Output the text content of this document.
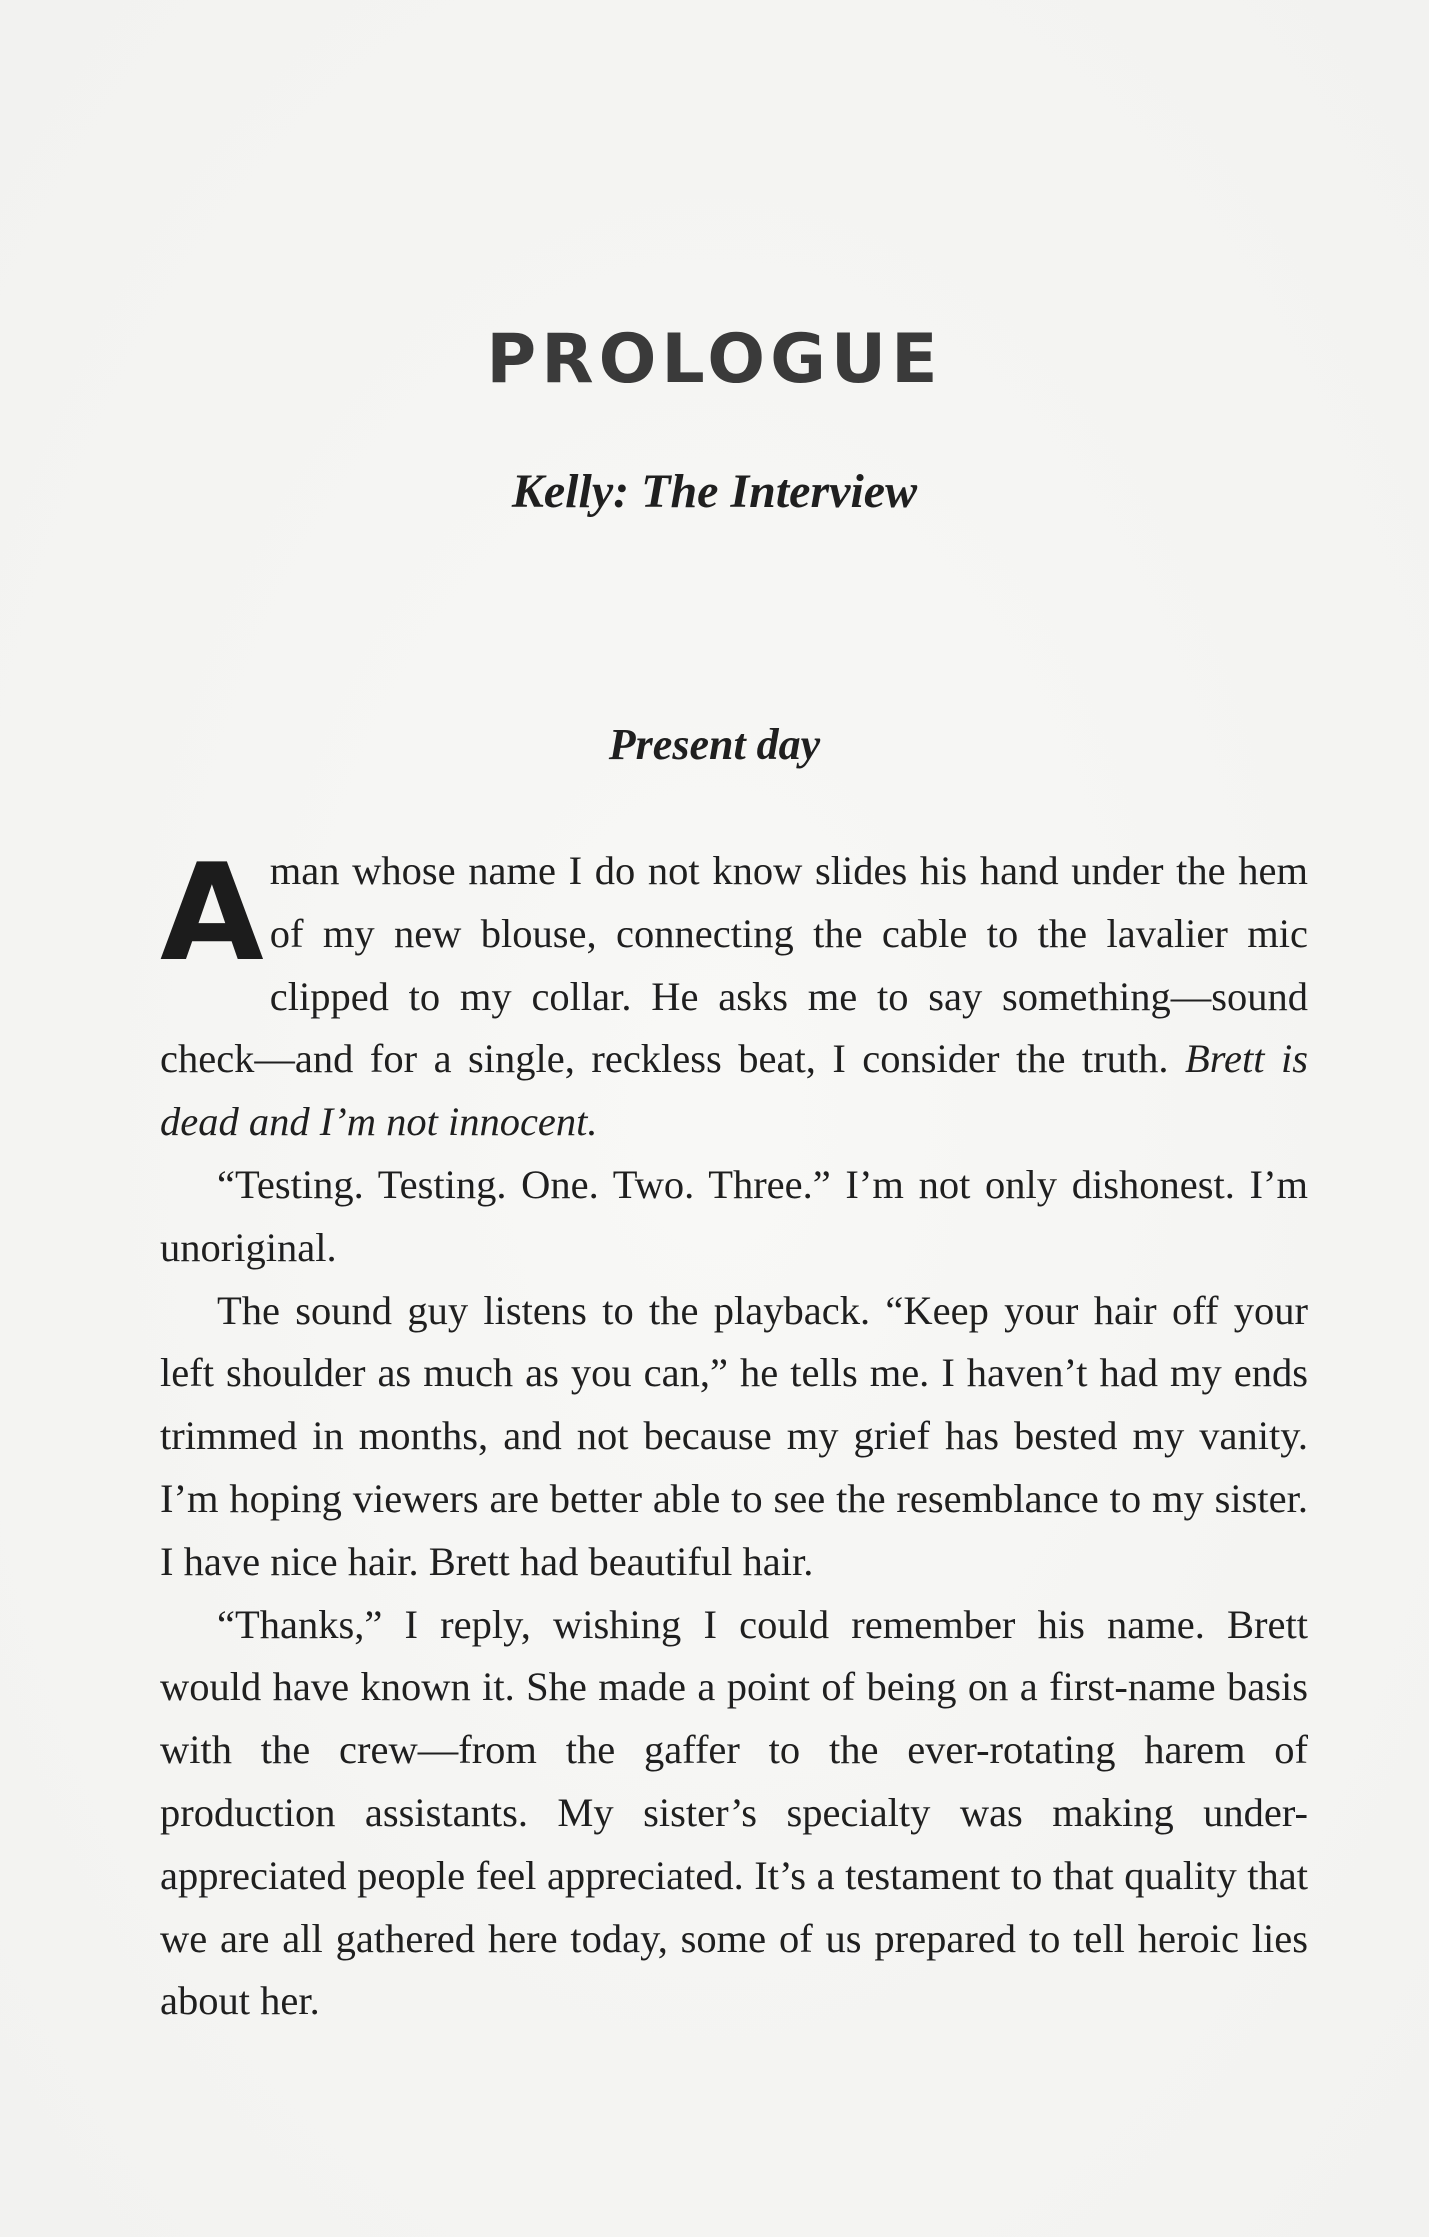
PROLOGUE
Kelly: The Interview
Present day

A man whose name I do not know slides his hand under the hem of my new blouse, connecting the cable to the lavalier mic clipped to my collar. He asks me to say something—sound check—and for a single, reckless beat, I consider the truth. Brett is dead and I’m not innocent.

“Testing. Testing. One. Two. Three.” I’m not only dishonest. I’m unoriginal.

The sound guy listens to the playback. “Keep your hair off your left shoulder as much as you can,” he tells me. I haven’t had my ends trimmed in months, and not because my grief has bested my vanity. I’m hoping viewers are better able to see the resemblance to my sister. I have nice hair. Brett had beautiful hair.

“Thanks,” I reply, wishing I could remember his name. Brett would have known it. She made a point of being on a first-name basis with the crew—from the gaffer to the ever-rotating harem of production assistants. My sister’s specialty was making under-appreciated people feel appreciated. It’s a testament to that quality that we are all gathered here today, some of us prepared to tell heroic lies about her.
